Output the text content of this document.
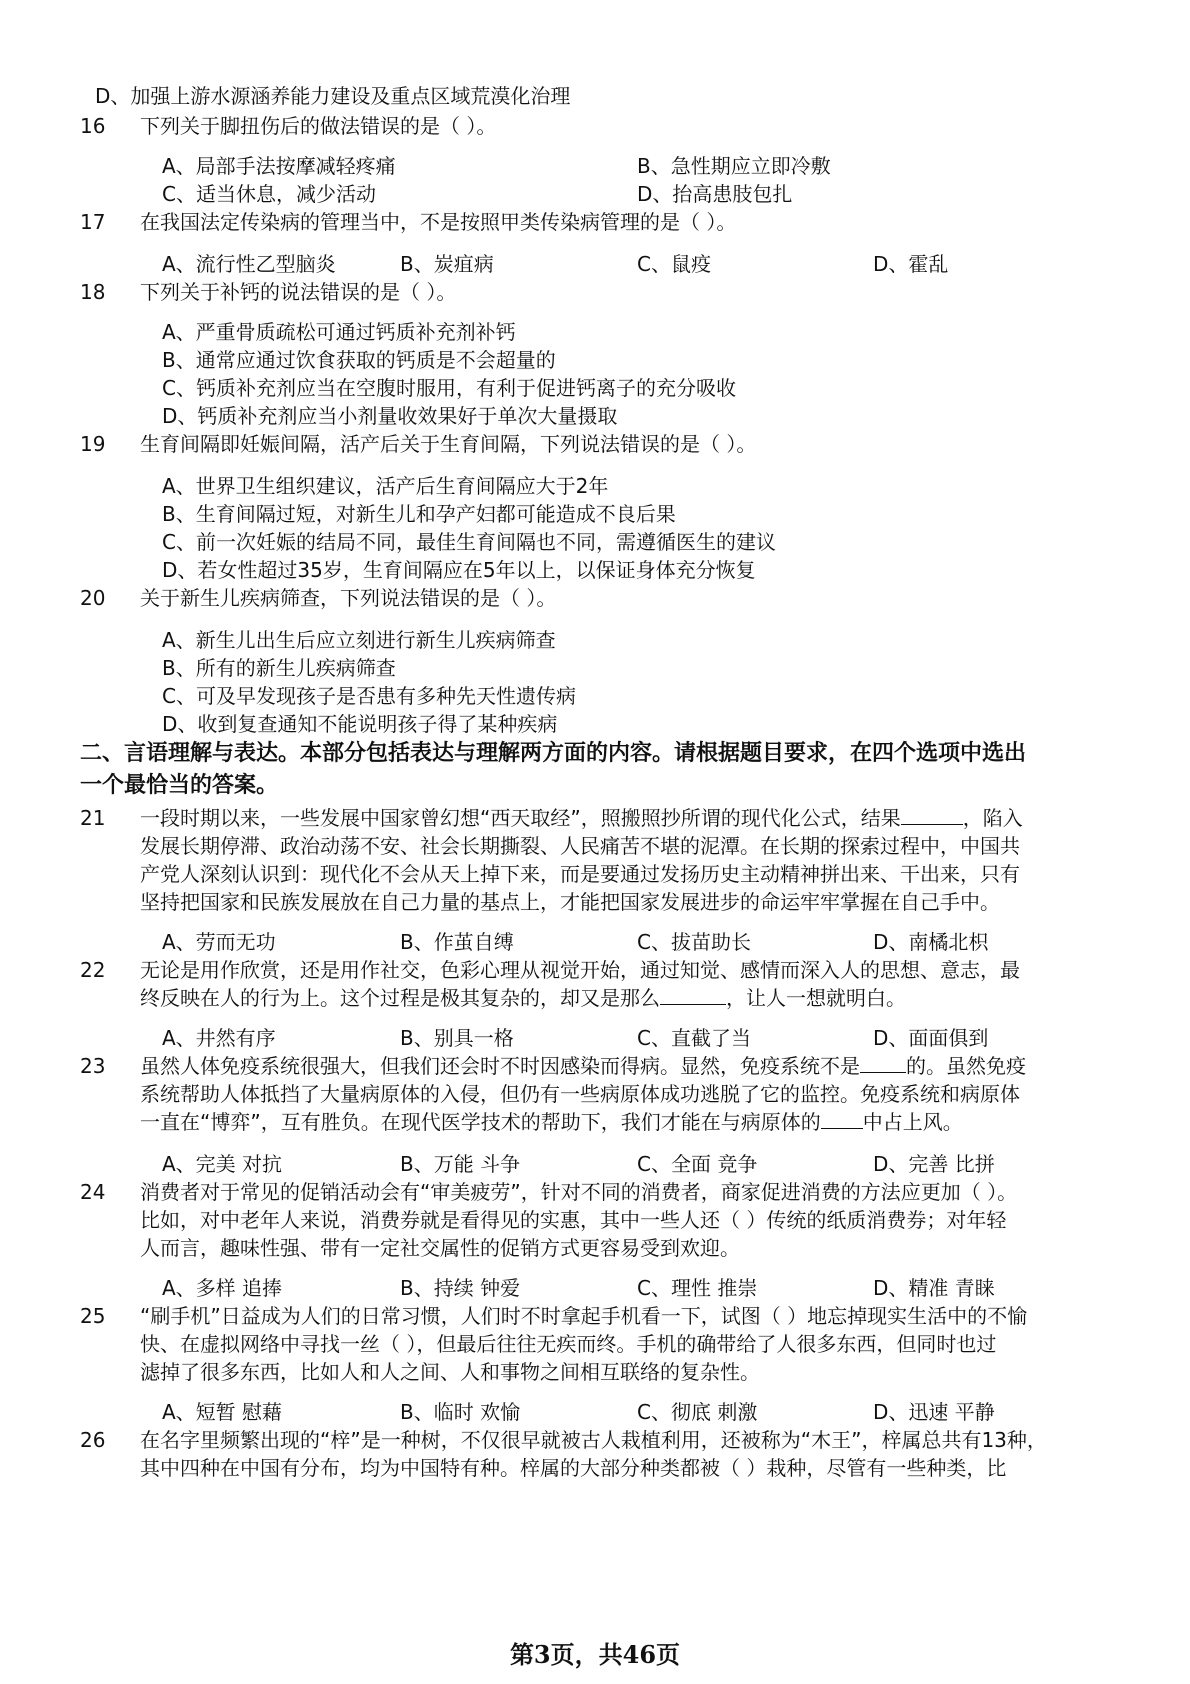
D、加强上游水源涵养能力建设及重点区域荒漠化治理
16	下列关于脚扭伤后的做法错误的是（ ）。
A、局部手法按摩减轻疼痛	B、急性期应立即冷敷
C、适当休息，减少活动	D、抬高患肢包扎
17	在我国法定传染病的管理当中，不是按照甲类传染病管理的是（ ）。
A、流行性乙型脑炎	B、炭疽病	C、鼠疫	D、霍乱
18	下列关于补钙的说法错误的是（ ）。
A、严重骨质疏松可通过钙质补充剂补钙
B、通常应通过饮食获取的钙质是不会超量的
C、钙质补充剂应当在空腹时服用，有利于促进钙离子的充分吸收
D、钙质补充剂应当小剂量收效果好于单次大量摄取
19	生育间隔即妊娠间隔，活产后关于生育间隔，下列说法错误的是（ ）。
A、世界卫生组织建议，活产后生育间隔应大于2年
B、生育间隔过短，对新生儿和孕产妇都可能造成不良后果
C、前一次妊娠的结局不同，最佳生育间隔也不同，需遵循医生的建议
D、若女性超过35岁，生育间隔应在5年以上，以保证身体充分恢复
20	关于新生儿疾病筛查，下列说法错误的是（ ）。
A、新生儿出生后应立刻进行新生儿疾病筛查
B、所有的新生儿疾病筛查
C、可及早发现孩子是否患有多种先天性遗传病
D、收到复查通知不能说明孩子得了某种疾病
二、言语理解与表达。本部分包括表达与理解两方面的内容。请根据题目要求，在四个选项中选出
一个最恰当的答案。
21	一段时期以来，一些发展中国家曾幻想“西天取经”，照搬照抄所谓的现代化公式，结果	，陷入
发展长期停滞、政治动荡不安、社会长期撕裂、人民痛苦不堪的泥潭。在长期的探索过程中，中国共
产党人深刻认识到：现代化不会从天上掉下来，而是要通过发扬历史主动精神拼出来、干出来，只有
坚持把国家和民族发展放在自己力量的基点上，才能把国家发展进步的命运牢牢掌握在自己手中。
A、劳而无功	B、作茧自缚	C、拔苗助长	D、南橘北枳
22	无论是用作欣赏，还是用作社交，色彩心理从视觉开始，通过知觉、感情而深入人的思想、意志，最
终反映在人的行为上。这个过程是极其复杂的，却又是那么	，让人一想就明白。
A、井然有序	B、别具一格	C、直截了当	D、面面俱到
23	虽然人体免疫系统很强大，但我们还会时不时因感染而得病。显然，免疫系统不是 的。虽然免疫
系统帮助人体抵挡了大量病原体的入侵，但仍有一些病原体成功逃脱了它的监控。免疫系统和病原体
一直在“博弈”，互有胜负。在现代医学技术的帮助下，我们才能在与病原体的 中占上风。
A、完美 对抗	B、万能 斗争	C、全面 竞争	D、完善 比拼
24	消费者对于常见的促销活动会有“审美疲劳”，针对不同的消费者，商家促进消费的方法应更加（ ）。
比如，对中老年人来说，消费券就是看得见的实惠，其中一些人还（ ）传统的纸质消费券；对年轻
人而言，趣味性强、带有一定社交属性的促销方式更容易受到欢迎。
A、多样 追捧	B、持续 钟爱	C、理性 推崇	D、精准 青睐
25	“刷手机”日益成为人们的日常习惯，人们时不时拿起手机看一下，试图（ ）地忘掉现实生活中的不愉
快、在虚拟网络中寻找一丝（ ），但最后往往无疾而终。手机的确带给了人很多东西，但同时也过
滤掉了很多东西，比如人和人之间、人和事物之间相互联络的复杂性。
A、短暂 慰藉	B、临时 欢愉	C、彻底 刺激	D、迅速 平静
26	在名字里频繁出现的“梓”是一种树，不仅很早就被古人栽植利用，还被称为“木王”，梓属总共有13种，
其中四种在中国有分布，均为中国特有种。梓属的大部分种类都被（ ）栽种，尽管有一些种类，比
第3页，共46页
